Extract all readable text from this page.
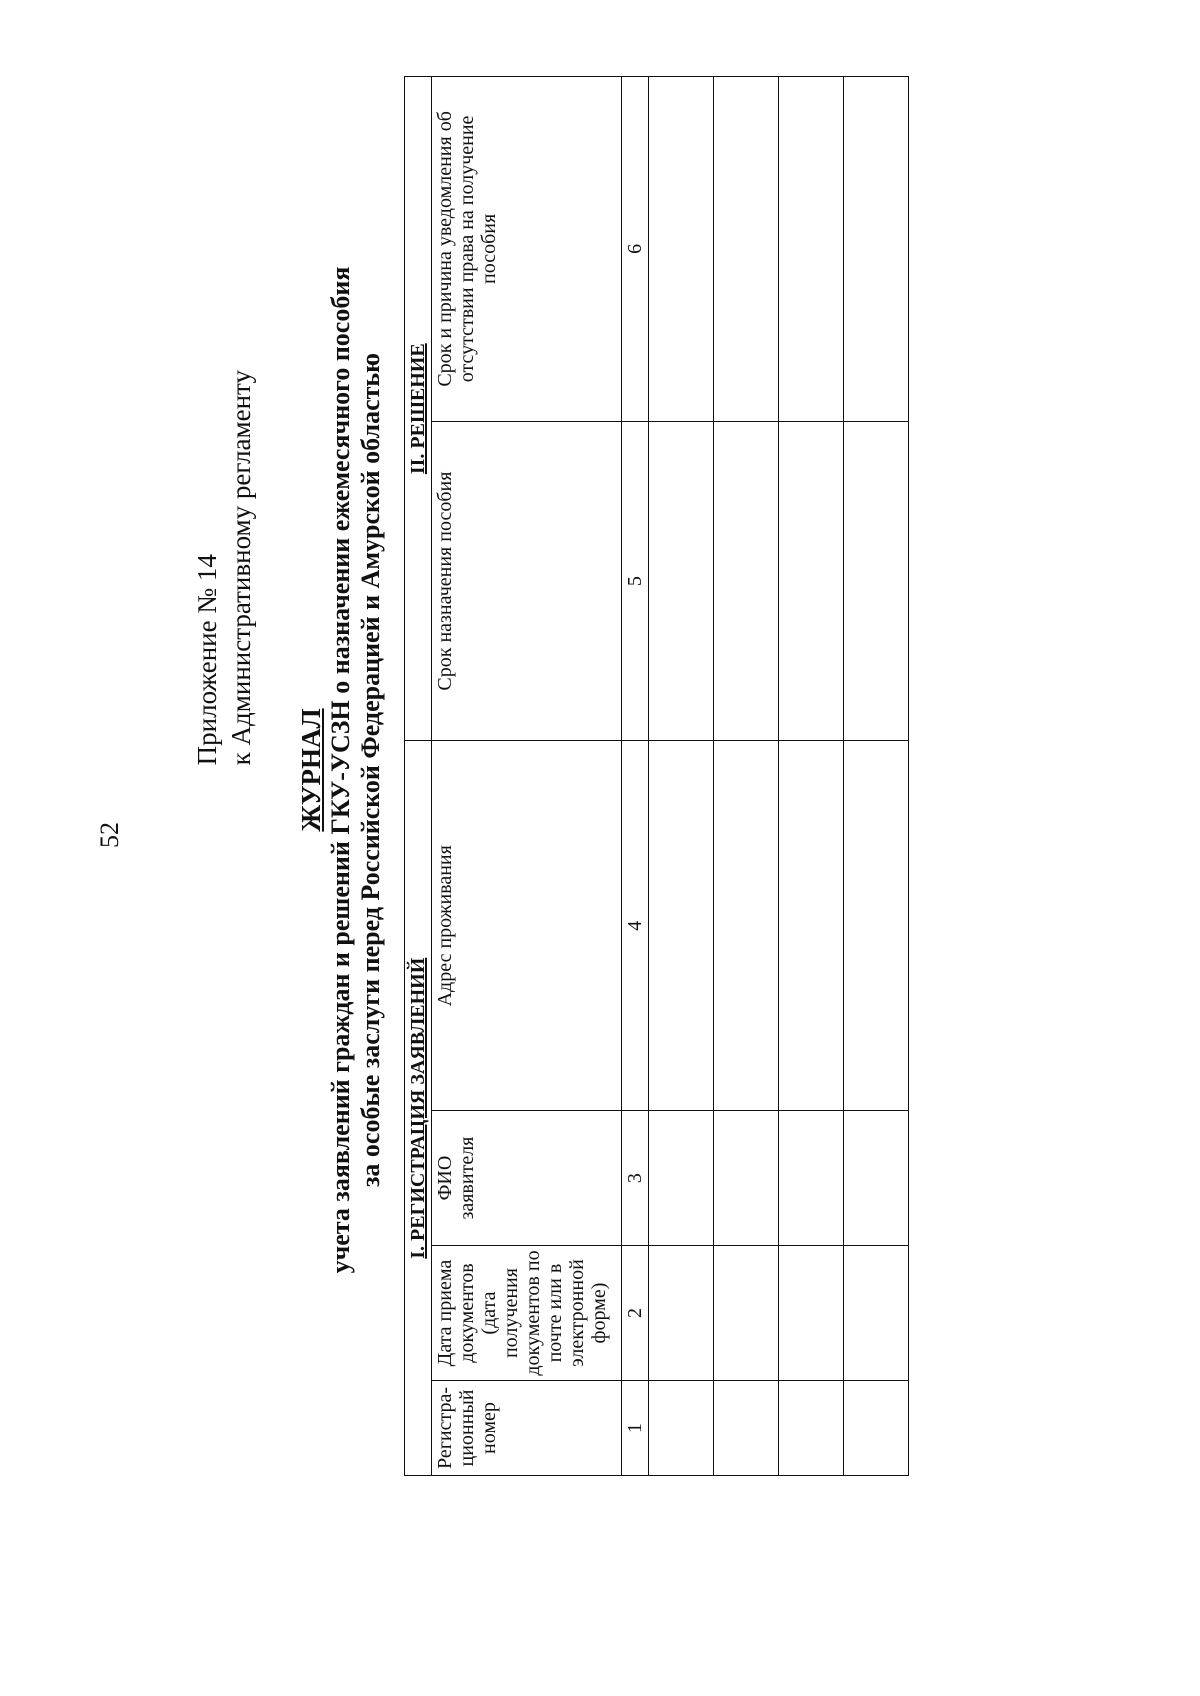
52
Приложение № 14 к Административному регламенту
ЖУРНАЛ учета заявлений граждан и решений ГКУ-УСЗН о назначении ежемесячного пособия за особые заслуги перед Российской Федерацией и Амурской областью I. РЕГИСТРАЦИЯ ЗАЯВЛЕНИЙ				II. РЕШЕНИЕ	
Регистра-ционный номер	Дата приема документов (дата получения документов по почте или в электронной форме)	ФИО заявителя	Адрес проживания	Срок назначения пособия	Срок и причина уведомления об отсутствии права на получение пособия
1	2	3	4	5	6
